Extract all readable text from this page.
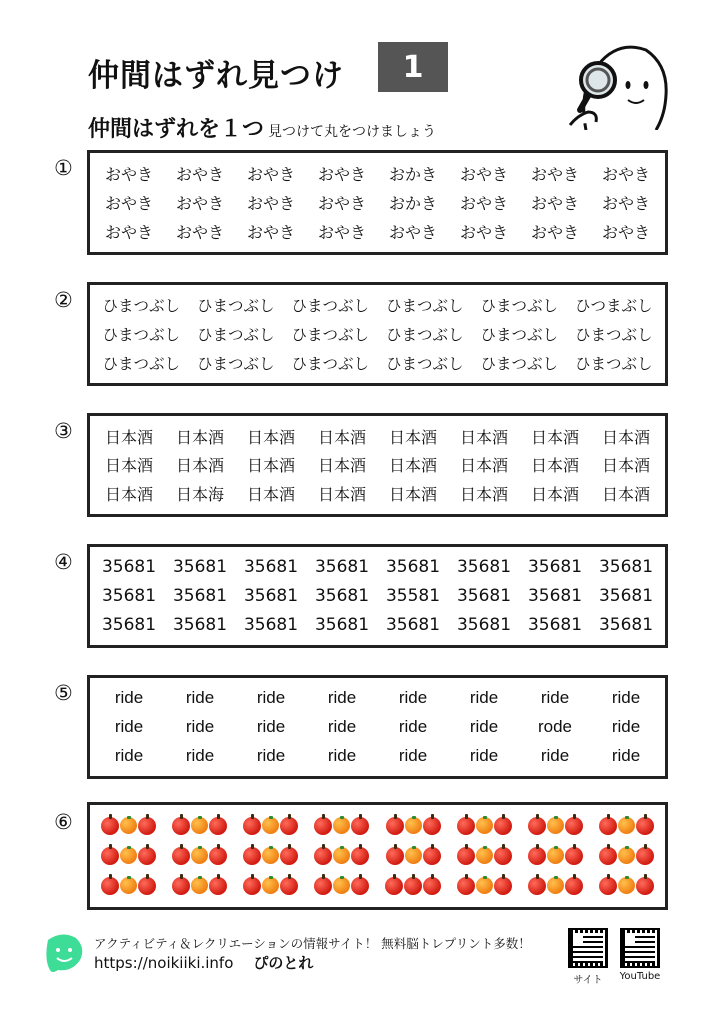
仲間はずれ見つけ	1
仲間はずれを１つ 見つけて丸をつけましょう
①	おやき	おやき	おやき	おやき	おかき	おやき	おやき	おやき
おやき	おやき	おやき	おやき	おかき	おやき	おやき	おやき
おやき	おやき	おやき	おやき	おやき	おやき	おやき	おやき
②	ひまつぶし	ひまつぶし	ひまつぶし	ひまつぶし	ひまつぶし	ひつまぶし
ひまつぶし	ひまつぶし	ひまつぶし	ひまつぶし	ひまつぶし	ひまつぶし
ひまつぶし	ひまつぶし	ひまつぶし	ひまつぶし	ひまつぶし	ひまつぶし
③	日本酒	日本酒	日本酒	日本酒	日本酒	日本酒	日本酒	日本酒
日本酒	日本酒	日本酒	日本酒	日本酒	日本酒	日本酒	日本酒
日本酒	日本海	日本酒	日本酒	日本酒	日本酒	日本酒	日本酒
④	35681 35681 35681 35681 35681 35681 35681 35681
35681 35681 35681 35681 35581 35681 35681 35681
35681 35681 35681 35681 35681 35681 35681 35681
⑤	ride	ride	ride	ride	ride	ride	ride	ride
ride	ride	ride	ride	ride	ride	rode	ride
ride	ride	ride	ride	ride	ride	ride	ride
⑥
アクティビティ＆レクリエーションの情報サイト！ 無料脳トレプリント多数！
https://noikiiki.info ぴのとれ
サイト	YouTube
